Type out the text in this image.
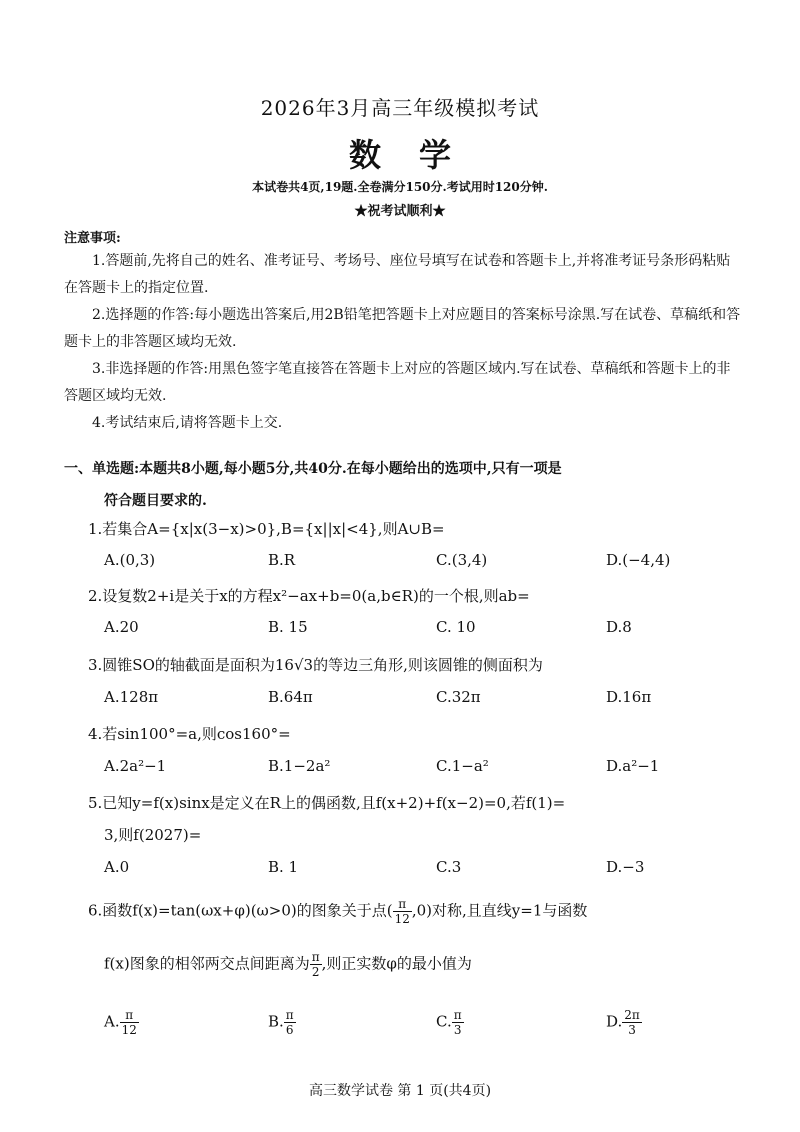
2026年3月高三年级模拟考试
数学
本试卷共4页,19题.全卷满分150分.考试用时120分钟.
★祝考试顺利★
注意事项:
1.答题前,先将自己的姓名、准考证号、考场号、座位号填写在试卷和答题卡上,并将准考证号条形码粘贴在答题卡上的指定位置.
2.选择题的作答:每小题选出答案后,用2B铅笔把答题卡上对应题目的答案标号涂黑.写在试卷、草稿纸和答题卡上的非答题区域均无效.
3.非选择题的作答:用黑色签字笔直接答在答题卡上对应的答题区域内.写在试卷、草稿纸和答题卡上的非答题区域均无效.
4.考试结束后,请将答题卡上交.
一、单选题:本题共8小题,每小题5分,共40分.在每小题给出的选项中,只有一项是
符合题目要求的.
1.若集合A={x|x(3−x)>0},B={x||x|<4},则A∪B=
A.(0,3)	B.R	C.(3,4)	D.(−4,4)
2.设复数2+i是关于x的方程x²−ax+b=0(a,b∈R)的一个根,则ab=
A.20	B. 15	C. 10	D.8
3.圆锥SO的轴截面是面积为16√3的等边三角形,则该圆锥的侧面积为
A.128π	B.64π	C.32π	D.16π
4.若sin100°=a,则cos160°=
A.2a²−1	B.1−2a²	C.1−a²	D.a²−1
5.已知y=f(x)sinx是定义在R上的偶函数,且f(x+2)+f(x−2)=0,若f(1)=
3,则f(2027)=
A.0	B. 1	C.3	D.−3
6.函数f(x)=tan(ωx+φ)(ω>0)的图象关于点( $\frac{\pi}{12} ,0$)对称,且直线y=1与函数
f(x)图象的相邻两交点间距离为 $\frac{\pi}{2}$ ,则正实数φ的最小值为
A. $\frac{\pi}{12}$	B. $\frac{\pi}{6}$	C. $\frac{\pi}{3}$	D. $\frac{2\pi}{3}$
高三数学试卷 第 1 页(共4页)
